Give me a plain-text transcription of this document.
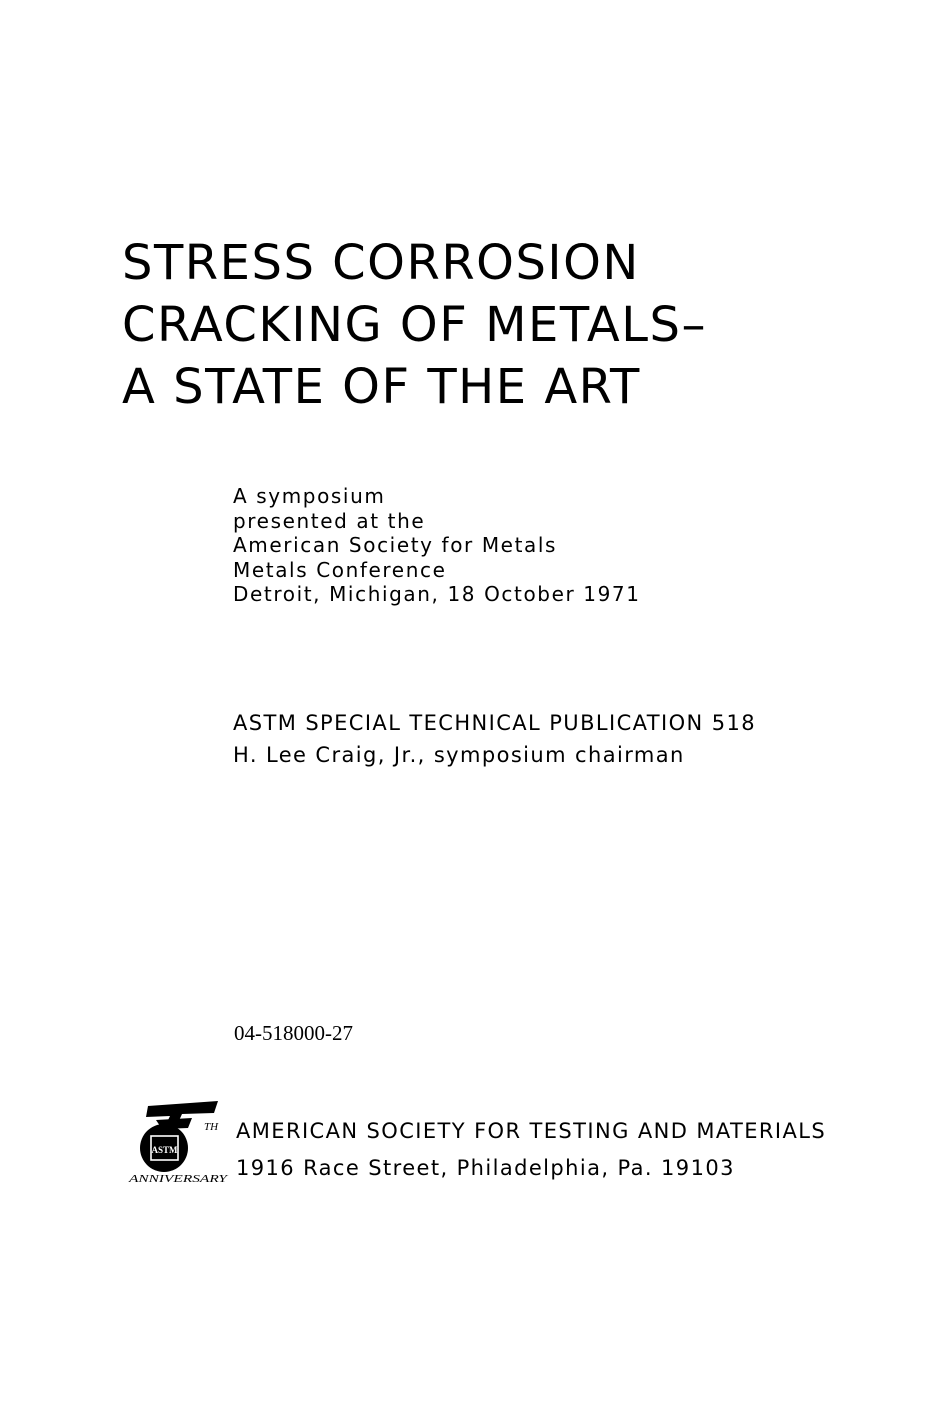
STRESS CORROSION
CRACKING OF METALS–
A STATE OF THE ART
A symposium
presented at the
American Society for Metals
Metals Conference
Detroit, Michigan, 18 October 1971
ASTM SPECIAL TECHNICAL PUBLICATION 518
H. Lee Craig, Jr., symposium chairman
04-518000-27
ASTM
TH
ANNIVERSARY
AMERICAN SOCIETY FOR TESTING AND MATERIALS
1916 Race Street, Philadelphia, Pa. 19103
